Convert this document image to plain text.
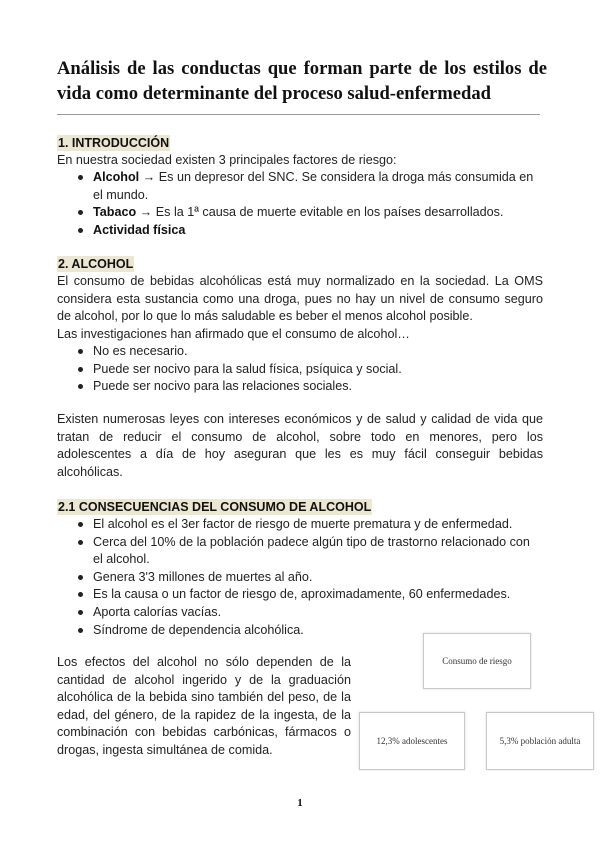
Análisis de las conductas que forman parte de los estilos de vida como determinante del proceso salud-enfermedad
1. INTRODUCCIÓN
En nuestra sociedad existen 3 principales factores de riesgo:
Alcohol → Es un depresor del SNC. Se considera la droga más consumida en el mundo.
Tabaco → Es la 1ª causa de muerte evitable en los países desarrollados.
Actividad física
2. ALCOHOL
El consumo de bebidas alcohólicas está muy normalizado en la sociedad. La OMS considera esta sustancia como una droga, pues no hay un nivel de consumo seguro de alcohol, por lo que lo más saludable es beber el menos alcohol posible.
Las investigaciones han afirmado que el consumo de alcohol…
No es necesario.
Puede ser nocivo para la salud física, psíquica y social.
Puede ser nocivo para las relaciones sociales.
Existen numerosas leyes con intereses económicos y de salud y calidad de vida que tratan de reducir el consumo de alcohol, sobre todo en menores, pero los adolescentes a día de hoy aseguran que les es muy fácil conseguir bebidas alcohólicas.
2.1 CONSECUENCIAS DEL CONSUMO DE ALCOHOL
El alcohol es el 3er factor de riesgo de muerte prematura y de enfermedad.
Cerca del 10% de la población padece algún tipo de trastorno relacionado con el alcohol.
Genera 3'3 millones de muertes al año.
Es la causa o un factor de riesgo de, aproximadamente, 60 enfermedades.
Aporta calorías vacías.
Síndrome de dependencia alcohólica.
Los efectos del alcohol no sólo dependen de la cantidad de alcohol ingerido y de la graduación alcohólica de la bebida sino también del peso, de la edad, del género, de la rapidez de la ingesta, de la combinación con bebidas carbónicas, fármacos o drogas, ingesta simultánea de comida.
Consumo de riesgo
12,3% adolescentes	5,3% población adulta
1
